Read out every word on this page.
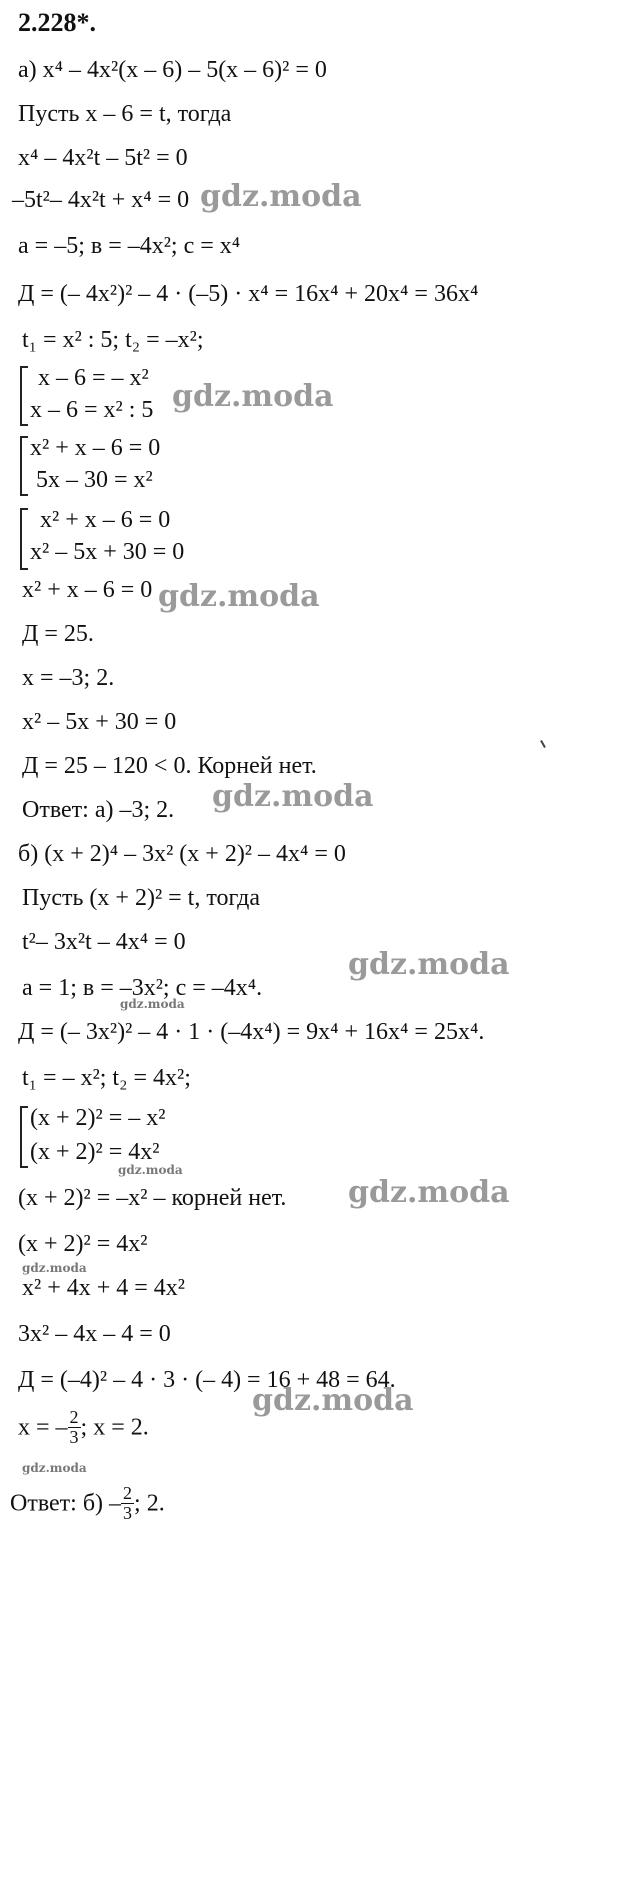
2.228*.
а) x⁴ – 4x²(x – 6) – 5(x – 6)² = 0
Пусть x – 6 = t, тогда
x⁴ – 4x²t – 5t² = 0
–5t²– 4x²t + x⁴ = 0
a = –5; в = –4x²; c = x⁴
Д = (– 4x²)² – 4 · (–5) · x⁴ = 16x⁴ + 20x⁴ = 36x⁴
t₁ = x² : 5; t₂ = –x²;
x – 6 = – x²
x – 6 = x² : 5
x² + x – 6 = 0
5x – 30 = x²
x² + x – 6 = 0
x² – 5x + 30 = 0
x² + x – 6 = 0
Д = 25.
x = –3; 2.
x² – 5x + 30 = 0
Д = 25 – 120 < 0. Корней нет.
Ответ: а) –3; 2.
б) (x + 2)⁴ – 3x² (x + 2)² – 4x⁴ = 0
Пусть (x + 2)² = t, тогда
t²– 3x²t – 4x⁴ = 0
a = 1; в = –3x²; c = –4x⁴.
Д = (– 3x²)² – 4 · 1 · (–4x⁴) = 9x⁴ + 16x⁴ = 25x⁴.
t₁ = – x²; t₂ = 4x²;
(x + 2)² = – x²
(x + 2)² = 4x²
(x + 2)² = –x² – корней нет.
(x + 2)² = 4x²
x² + 4x + 4 = 4x²
3x² – 4x – 4 = 0
Д = (–4)² – 4 · 3 · (– 4) = 16 + 48 = 64.
x = – $\frac{2}{3}$ ; x = 2.
Ответ: $б) - \frac{2}{3}$ ; 2.
gdz.moda
gdz.moda
gdz.moda
gdz.moda
gdz.moda
gdz.moda
gdz.moda
gdz.moda
gdz.moda
gdz.moda
gdz.moda
